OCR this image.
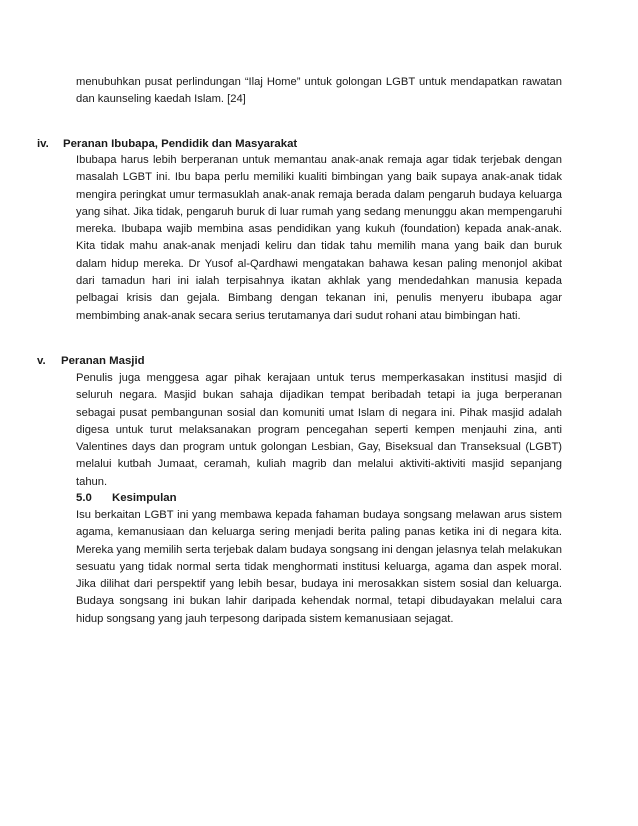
menubuhkan pusat perlindungan “Ilaj Home” untuk golongan LGBT untuk mendapatkan rawatan dan kaunseling kaedah Islam. [24]

iv. Peranan Ibubapa, Pendidik dan Masyarakat

Ibubapa harus lebih berperanan untuk memantau anak-anak remaja agar tidak terjebak dengan masalah LGBT ini. Ibu bapa perlu memiliki kualiti bimbingan yang baik supaya anak-anak tidak mengira peringkat umur termasuklah anak-anak remaja berada dalam pengaruh budaya keluarga yang sihat. Jika tidak, pengaruh buruk di luar rumah yang sedang menunggu akan mempengaruhi mereka. Ibubapa wajib membina asas pendidikan yang kukuh (foundation) kepada anak-anak. Kita tidak mahu anak-anak menjadi keliru dan tidak tahu memilih mana yang baik dan buruk dalam hidup mereka. Dr Yusof al-Qardhawi mengatakan bahawa kesan paling menonjol akibat dari tamadun hari ini ialah terpisahnya ikatan akhlak yang mendedahkan manusia kepada pelbagai krisis dan gejala. Bimbang dengan tekanan ini, penulis menyeru ibubapa agar membimbing anak-anak secara serius terutamanya dari sudut rohani atau bimbingan hati.

v. Peranan Masjid

Penulis juga menggesa agar pihak kerajaan untuk terus memperkasakan institusi masjid di seluruh negara. Masjid bukan sahaja dijadikan tempat beribadah tetapi ia juga berperanan sebagai pusat pembangunan sosial dan komuniti umat Islam di negara ini. Pihak masjid adalah digesa untuk turut melaksanakan program pencegahan seperti kempen menjauhi zina, anti Valentines days dan program untuk golongan Lesbian, Gay, Biseksual dan Transeksual (LGBT) melalui kutbah Jumaat, ceramah, kuliah magrib dan melalui aktiviti-aktiviti masjid sepanjang tahun.

5.0 Kesimpulan

Isu berkaitan LGBT ini yang membawa kepada fahaman budaya songsang melawan arus sistem agama, kemanusiaan dan keluarga sering menjadi berita paling panas ketika ini di negara kita. Mereka yang memilih serta terjebak dalam budaya songsang ini dengan jelasnya telah melakukan sesuatu yang tidak normal serta tidak menghormati institusi keluarga, agama dan aspek moral. Jika dilihat dari perspektif yang lebih besar, budaya ini merosakkan sistem sosial dan keluarga. Budaya songsang ini bukan lahir daripada kehendak normal, tetapi dibudayakan melalui cara hidup songsang yang jauh terpesong daripada sistem kemanusiaan sejagat.
